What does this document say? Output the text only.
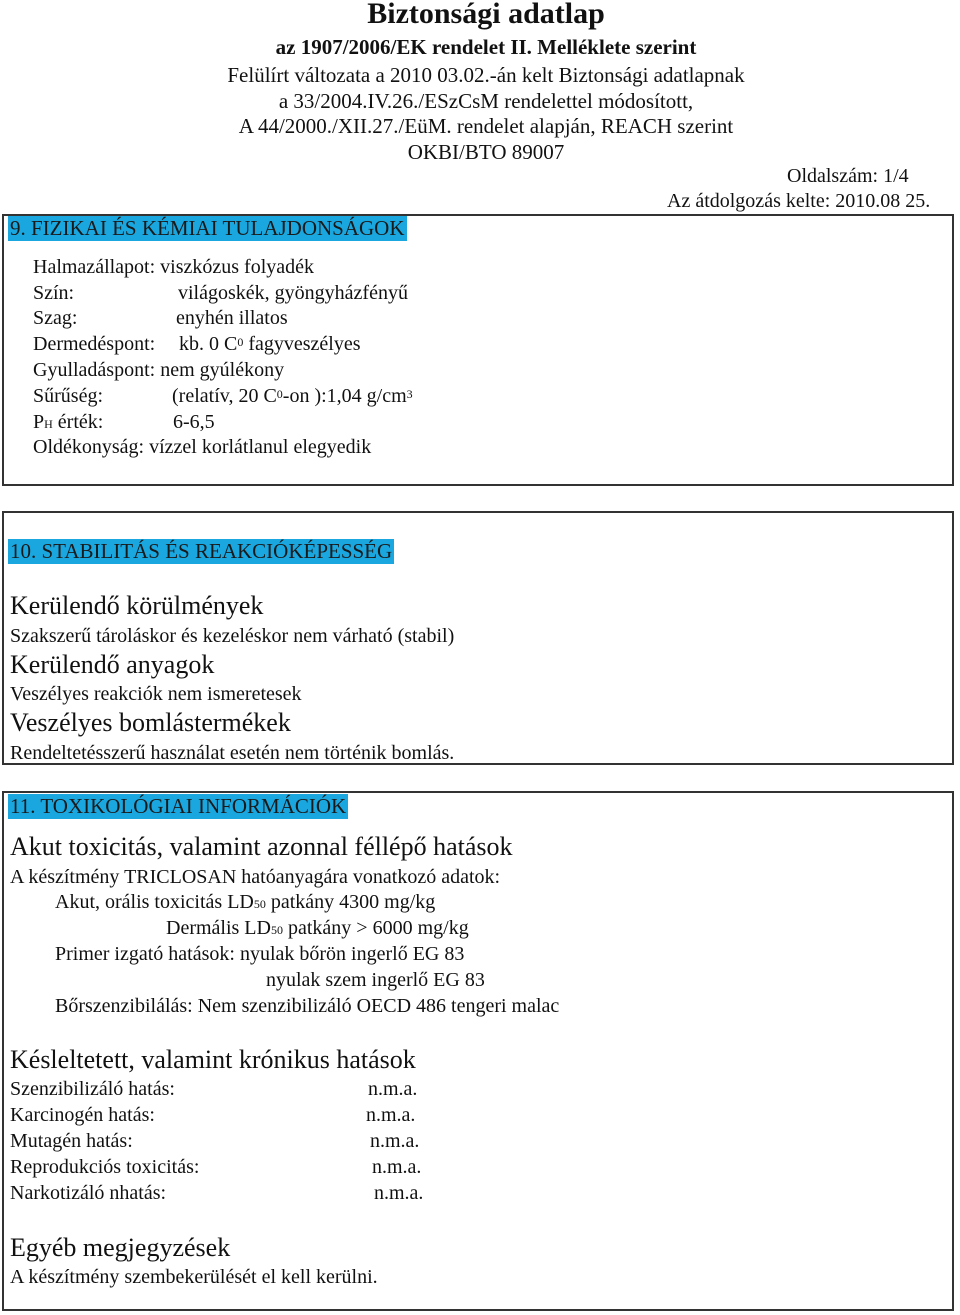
Biztonsági adatlap
az 1907/2006/EK rendelet II. Melléklete szerint
Felülírt változata a 2010 03.02.-án kelt Biztonsági adatlapnak
a 33/2004.IV.26./ESzCsM rendelettel módosított,
A 44/2000./XII.27./EüM. rendelet alapján, REACH szerint
OKBI/BTO 89007
Oldalszám: 1/4
Az átdolgozás kelte: 2010.08 25.
9. FIZIKAI ÉS KÉMIAI TULAJDONSÁGOK
Halmazállapot: viszkózus folyadék
Szín:	világoskék, gyöngyházfényű
Szag:	enyhén illatos
Dermedéspont: kb. 0 $C^0$ fagyveszélyes
Gyulladáspont: nem gyúlékony
Sűrűség:	(relatív, 20 $C^0-on$ ):1,04 $g/cm^3$
$P_H$ érték:	6-6,5
Oldékonyság: vízzel korlátlanul elegyedik
10. STABILITÁS ÉS REAKCIÓKÉPESSÉG
Kerülendő körülmények
Szakszerű tároláskor és kezeléskor nem várható (stabil)
Kerülendő anyagok
Veszélyes reakciók nem ismeretesek
Veszélyes bomlástermékek
Rendeltetésszerű használat esetén nem történik bomlás.
11. TOXIKOLÓGIAI INFORMÁCIÓK
Akut toxicitás, valamint azonnal féllépő hatások
A készítmény TRICLOSAN hatóanyagára vonatkozó adatok:
Akut, orális toxicitás $LD_{50}$ patkány 4300 mg/kg
Dermális $LD_{50}$ patkány > 6000 mg/kg
Primer izgató hatások: nyulak bőrön ingerlő EG 83
nyulak szem ingerlő EG 83
Bőrszenzibilálás: Nem szenzibilizáló OECD 486 tengeri malac
Késleltetett, valamint krónikus hatások
Szenzibilizáló hatás:	n.m.a.
Karcinogén hatás:	n.m.a.
Mutagén hatás:	n.m.a.
Reprodukciós toxicitás:	n.m.a.
Narkotizáló nhatás:	n.m.a.
Egyéb megjegyzések
A készítmény szembekerülését el kell kerülni.
